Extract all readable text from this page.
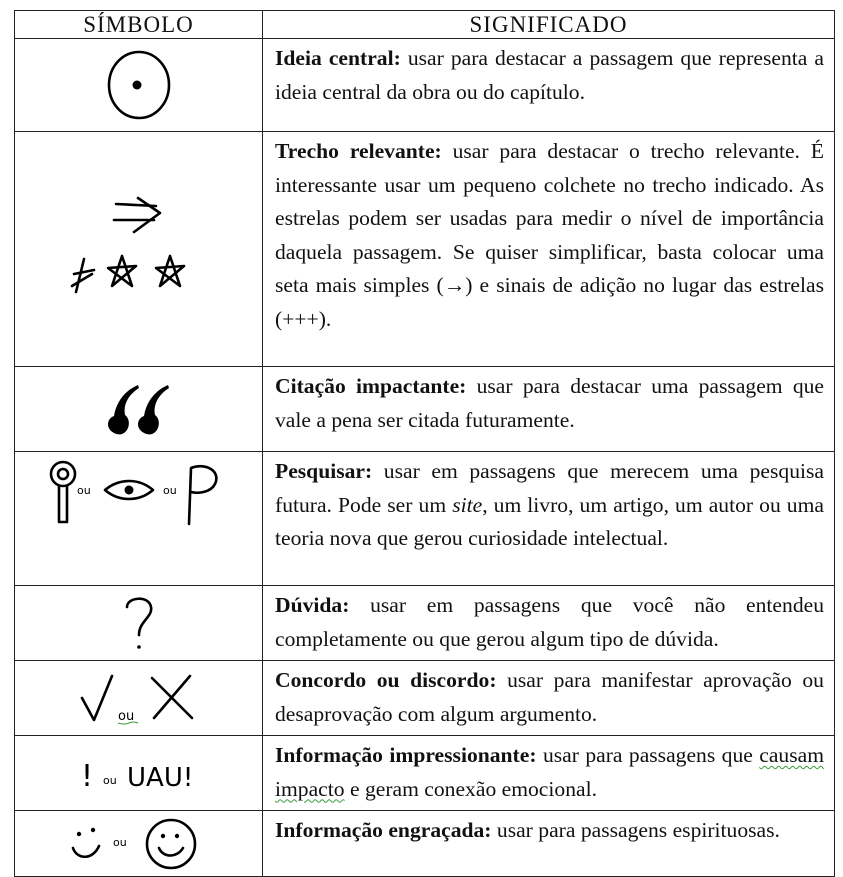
SÍMBOLO	SIGNIFICADO

	Ideia central: usar para destacar a passagem que representa a ideia central da obra ou do capítulo.

	Trecho relevante: usar para destacar o trecho relevante. É interessante usar um pequeno colchete no trecho indicado. As estrelas podem ser usadas para medir o nível de importância daquela passagem. Se quiser simplificar, basta colocar uma seta mais simples (→) e sinais de adição no lugar das estrelas (+++).

	Citação impactante: usar para destacar uma passagem que vale a pena ser citada futuramente.

ou ou	Pesquisar: usar em passagens que merecem uma pesquisa futura. Pode ser um site, um livro, um artigo, um autor ou uma teoria nova que gerou curiosidade intelectual.

	Dúvida: usar em passagens que você não entendeu completamente ou que gerou algum tipo de dúvida.

ou	Concordo ou discordo: usar para manifestar aprovação ou desaprovação com algum argumento.

! ou UAU!	Informação impressionante: usar para passagens que causam impacto e geram conexão emocional.

ou	Informação engraçada: usar para passagens espirituosas.
